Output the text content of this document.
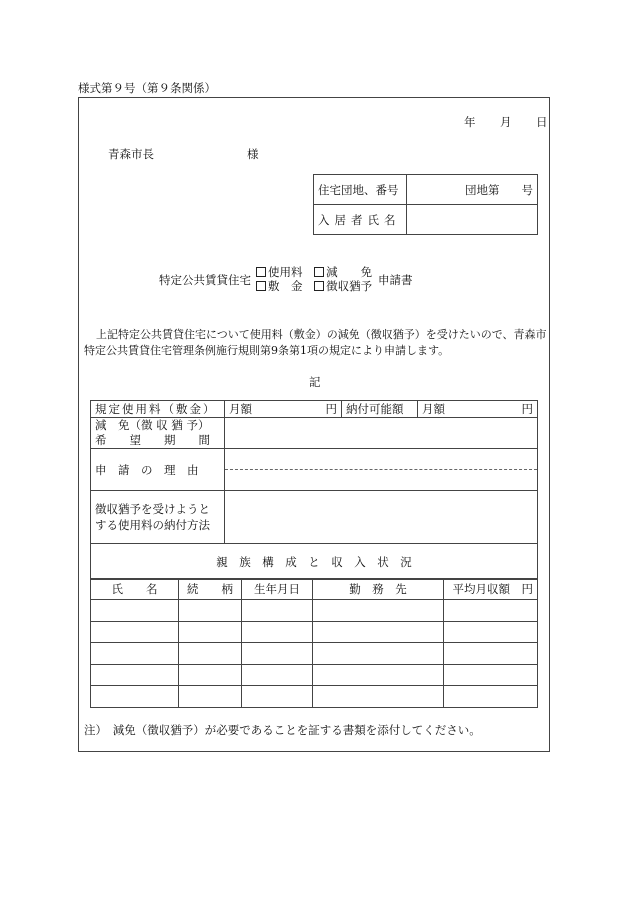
様式第９号（第９条関係）
年 月 日
青森市長	様
住宅団地、番号	団地第 号

入居者氏名	
特定公共賃貸住宅
使用料 減　　免
敷　金 徴収猶予 申請書
上記特定公共賃貸住宅について使用料（敷金）の減免（徴収猶予）を受けたいので、青森市
特定公共賃貸住宅管理条例施行規則第9条第1項の規定により申請します。
記
規定使用料（敷金）	月額 円	納付可能額	月額 円

減　免（徴 収 猶 予）
希　　望　　期　　間			

申　請　の　理　由			

徴収猶予を受けようと
する使用料の納付方法			

親　族　構　成　と　収　入　状　況			
氏　　名	続　　柄	生年月日	勤　務　先	平均月収額　円

注）　減免（徴収猶予）が必要であることを証する書類を添付してください。
